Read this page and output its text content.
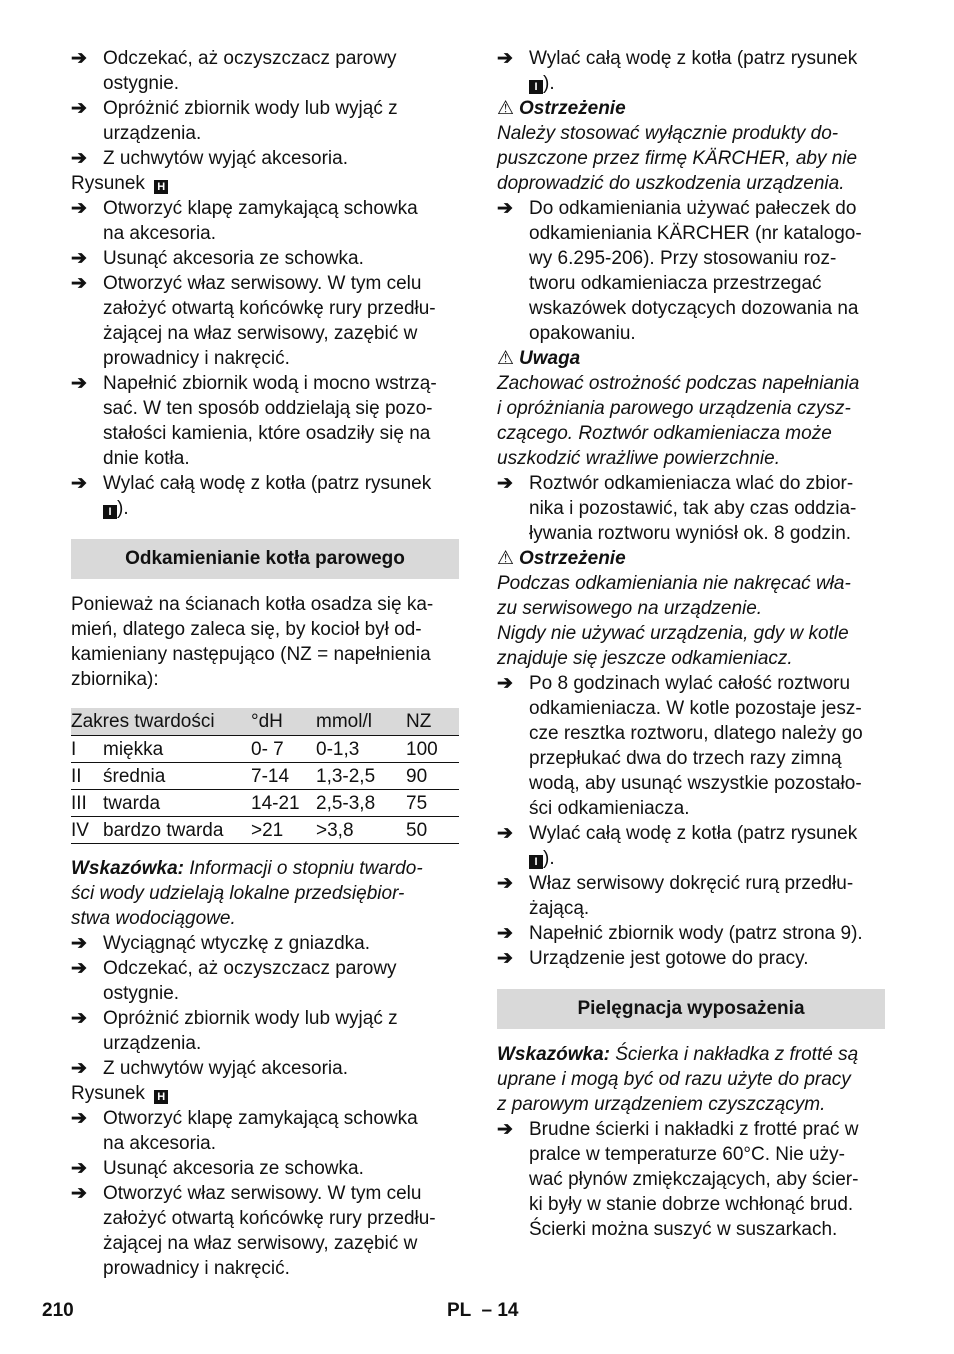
➔ Odczekać, aż oczyszczacz parowy
ostygnie.
➔ Opróżnić zbiornik wody lub wyjąć z
urządzenia.
➔ Z uchwytów wyjąć akcesoria.
Rysunek H
➔ Otworzyć klapę zamykającą schowka
na akcesoria.
➔ Usunąć akcesoria ze schowka.
➔ Otworzyć właz serwisowy. W tym celu
założyć otwartą końcówkę rury przedłu-
żającej na właz serwisowy, zazębić w
prowadnicy i nakręcić.
➔ Napełnić zbiornik wodą i mocno wstrzą-
sać. W ten sposób oddzielają się pozo-
stałości kamienia, które osadziły się na
dnie kotła.
➔ Wylać całą wodę z kotła (patrz rysunek
I ).
Odkamienianie kotła parowego
Ponieważ na ścianach kotła osadza się ka-
mień, dlatego zaleca się, by kocioł był od-
kamieniany następująco (NZ = napełnienia
zbiornika):
Zakres twardości		°dH	mmol/l	NZ
I	miękka	0- 7	0-1,3	100
II	średnia	7-14	1,3-2,5	90
III	twarda	14-21	2,5-3,8	75
IV	bardzo twarda	>21	>3,8	50
Wskazówka: Informacji o stopniu twardo-
ści wody udzielają lokalne przedsiębior-
stwa wodociągowe.
➔ Wyciągnąć wtyczkę z gniazdka.
➔ Odczekać, aż oczyszczacz parowy
ostygnie.
➔ Opróżnić zbiornik wody lub wyjąć z
urządzenia.
➔ Z uchwytów wyjąć akcesoria.
Rysunek H
➔ Otworzyć klapę zamykającą schowka
na akcesoria.
➔ Usunąć akcesoria ze schowka.
➔ Otworzyć właz serwisowy. W tym celu
założyć otwartą końcówkę rury przedłu-
żającej na właz serwisowy, zazębić w
prowadnicy i nakręcić.
➔ Wylać całą wodę z kotła (patrz rysunek
I ).
⚠ Ostrzeżenie
Należy stosować wyłącznie produkty do-
puszczone przez firmę KÄRCHER, aby nie
doprowadzić do uszkodzenia urządzenia.
➔ Do odkamieniania używać pałeczek do
odkamieniania KÄRCHER (nr katalogo-
wy 6.295-206). Przy stosowaniu roz-
tworu odkamieniacza przestrzegać
wskazówek dotyczących dozowania na
opakowaniu.
⚠ Uwaga
Zachować ostrożność podczas napełniania
i opróżniania parowego urządzenia czysz-
czącego. Roztwór odkamieniacza może
uszkodzić wrażliwe powierzchnie.
➔ Roztwór odkamieniacza wlać do zbior-
nika i pozostawić, tak aby czas oddzia-
ływania roztworu wyniósł ok. 8 godzin.
⚠ Ostrzeżenie
Podczas odkamieniania nie nakręcać wła-
zu serwisowego na urządzenie.
Nigdy nie używać urządzenia, gdy w kotle
znajduje się jeszcze odkamieniacz.
➔ Po 8 godzinach wylać całość roztworu
odkamieniacza. W kotle pozostaje jesz-
cze resztka roztworu, dlatego należy go
przepłukać dwa do trzech razy zimną
wodą, aby usunąć wszystkie pozostało-
ści odkamieniacza.
➔ Wylać całą wodę z kotła (patrz rysunek
I ).
➔ Właz serwisowy dokręcić rurą przedłu-
żającą.
➔ Napełnić zbiornik wody (patrz strona 9).
➔ Urządzenie jest gotowe do pracy.
Pielęgnacja wyposażenia
Wskazówka: Ścierka i nakładka z frotté są
uprane i mogą być od razu użyte do pracy
z parowym urządzeniem czyszczącym.
➔ Brudne ścierki i nakładki z frotté prać w
pralce w temperaturze 60°C. Nie uży-
wać płynów zmiękczających, aby ścier-
ki były w stanie dobrze wchłonąć brud.
Ścierki można suszyć w suszarkach.
210	PL  – 14
